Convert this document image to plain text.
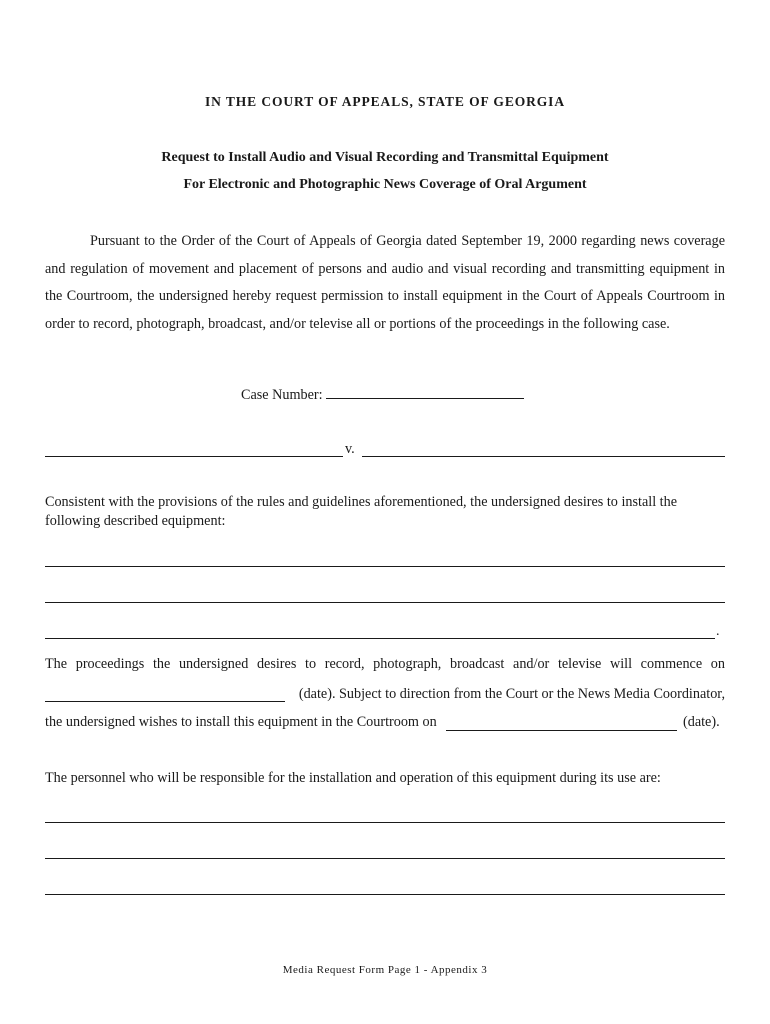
IN THE COURT OF APPEALS, STATE OF GEORGIA
Request to Install Audio and Visual Recording and Transmittal Equipment
For Electronic and Photographic News Coverage of Oral Argument

Pursuant to the Order of the Court of Appeals of Georgia dated September 19, 2000 regarding news coverage and regulation of movement and placement of persons and audio and visual recording and transmitting equipment in the Courtroom, the undersigned hereby request permission to install equipment in the Court of Appeals Courtroom in order to record, photograph, broadcast, and/or televise all or portions of the proceedings in the following case.

Case Number:
v.

Consistent with the provisions of the rules and guidelines aforementioned, the undersigned desires to install the following described equipment:

.

The proceedings the undersigned desires to record, photograph, broadcast and/or televise will commence on

(date). Subject to direction from the Court or the News Media Coordinator,
the undersigned wishes to install this equipment in the Courtroom on	(date).

The personnel who will be responsible for the installation and operation of this equipment during its use are:

Media Request Form Page 1 - Appendix 3
